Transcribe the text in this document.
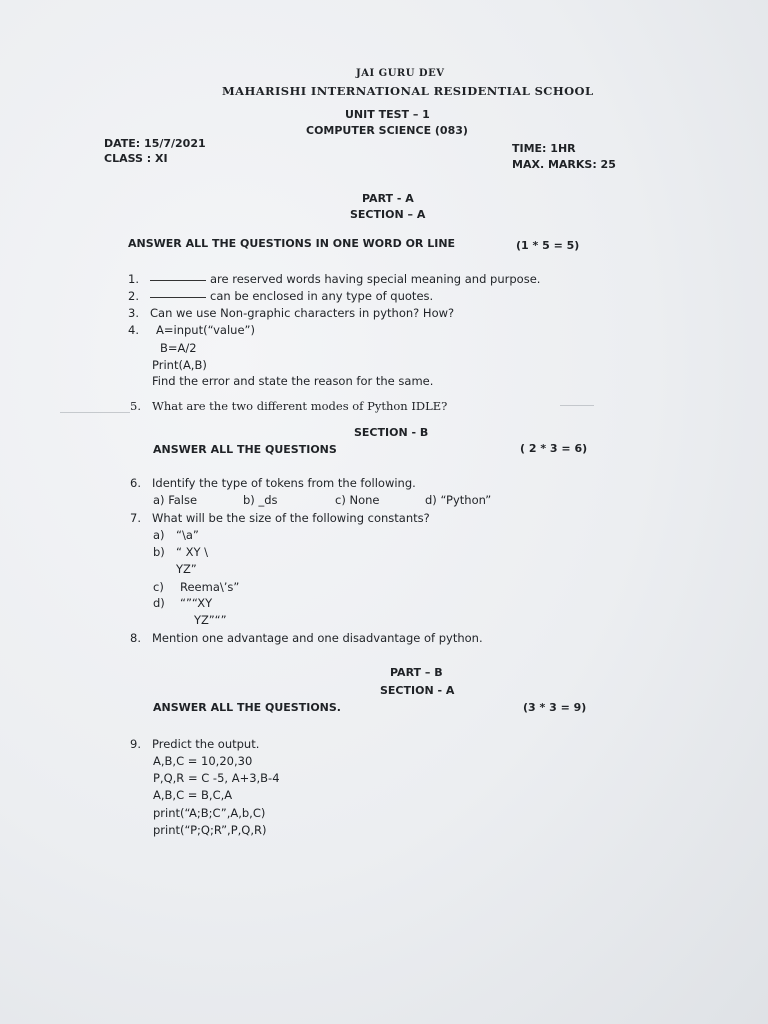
JAI GURU DEV
MAHARISHI INTERNATIONAL RESIDENTIAL SCHOOL
UNIT TEST – 1
COMPUTER SCIENCE (083)
DATE: 15/7/2021
CLASS : XI
TIME: 1HR
MAX. MARKS: 25
PART - A
SECTION – A
ANSWER ALL THE QUESTIONS IN ONE WORD OR LINE	(1 * 5 = 5)
1.	are reserved words having special meaning and purpose.
2.	can be enclosed in any type of quotes.
3. Can we use Non-graphic characters in python? How?
4. A=input(“value”)
B=A/2
Print(A,B)
Find the error and state the reason for the same.
5. What are the two different modes of Python IDLE?
SECTION - B
ANSWER ALL THE QUESTIONS	( 2 * 3 = 6)
6. Identify the type of tokens from the following.
a) False	b) _ds	c) None	d) “Python”
7. What will be the size of the following constants?
a) “\a”
b) “ XY \
YZ”
c) Reema\’s”
d) “”“XY
YZ”“”
8. Mention one advantage and one disadvantage of python.
PART – B
SECTION - A
ANSWER ALL THE QUESTIONS.	(3 * 3 = 9)
9. Predict the output.
A,B,C = 10,20,30
P,Q,R = C -5, A+3,B-4
A,B,C = B,C,A
print(“A;B;C”,A,b,C)
print(“P;Q;R”,P,Q,R)
